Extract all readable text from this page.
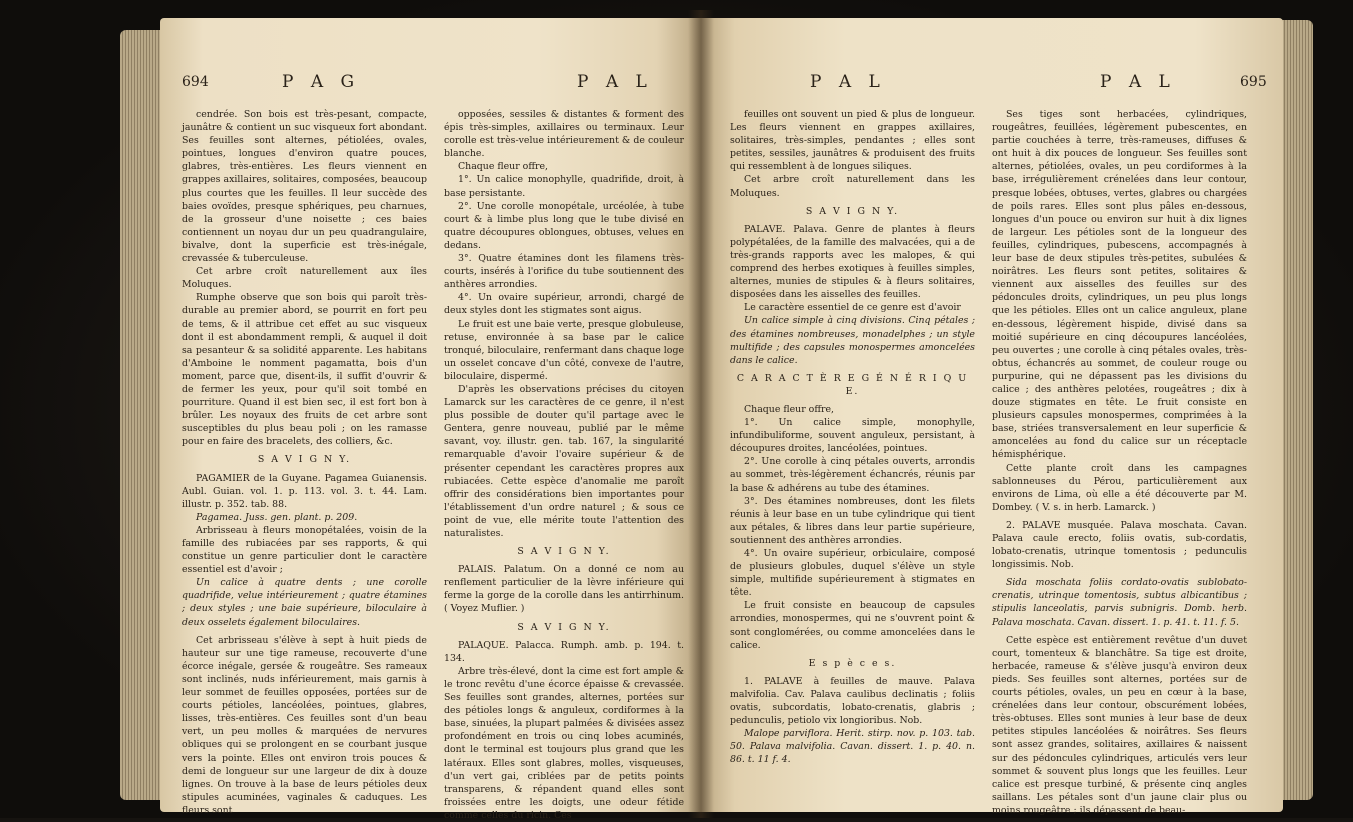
694	P A G	P A L

cendrée. Son bois est très-pesant, compacte, jaunâtre & contient un suc visqueux fort abondant. Ses feuilles sont alternes, pétiolées, ovales, pointues, longues d'environ quatre pouces, glabres, très-entières. Les fleurs viennent en grappes axillaires, solitaires, composées, beaucoup plus courtes que les feuilles. Il leur succède des baies ovoïdes, presque sphériques, peu charnues, de la grosseur d'une noisette ; ces baies contiennent un noyau dur un peu quadrangulaire, bivalve, dont la superficie est très-inégale, crevassée & tuberculeuse.

Cet arbre croît naturellement aux îles Moluques.

Rumphe observe que son bois qui paroît très-durable au premier abord, se pourrit en fort peu de tems, & il attribue cet effet au suc visqueux dont il est abondamment rempli, & auquel il doit sa pesanteur & sa solidité apparente. Les habitans d'Amboine le nomment pagamatta, bois d'un moment, parce que, disent-ils, il suffit d'ouvrir & de fermer les yeux, pour qu'il soit tombé en pourriture. Quand il est bien sec, il est fort bon à brûler. Les noyaux des fruits de cet arbre sont susceptibles du plus beau poli ; on les ramasse pour en faire des bracelets, des colliers, &c.

S A V I G N Y.

PAGAMIER de la Guyane. Pagamea Guianensis. Aubl. Guian. vol. 1. p. 113. vol. 3. t. 44. Lam. illustr. p. 352. tab. 88.

Pagamea. Juss. gen. plant. p. 209.

Arbrisseau à fleurs monopétalées, voisin de la famille des rubiacées par ses rapports, & qui constitue un genre particulier dont le caractère essentiel est d'avoir ;

Un calice à quatre dents ; une corolle quadrifide, velue intérieurement ; quatre étamines ; deux styles ; une baie supérieure, biloculaire à deux osselets également biloculaires.

Cet arbrisseau s'élève à sept à huit pieds de hauteur sur une tige rameuse, recouverte d'une écorce inégale, gersée & rougeâtre. Ses rameaux sont inclinés, nuds inférieurement, mais garnis à leur sommet de feuilles opposées, portées sur de courts pétioles, lancéolées, pointues, glabres, lisses, très-entières. Ces feuilles sont d'un beau vert, un peu molles & marquées de nervures obliques qui se prolongent en se courbant jusque vers la pointe. Elles ont environ trois pouces & demi de longueur sur une largeur de dix à douze lignes. On trouve à la base de leurs pétioles deux stipules acuminées, vaginales & caduques. Les fleurs sont

opposées, sessiles & distantes & forment des épis très-simples, axillaires ou terminaux. Leur corolle est très-velue intérieurement & de couleur blanche.

Chaque fleur offre,

1°. Un calice monophylle, quadrifide, droit, à base persistante.

2°. Une corolle monopétale, urcéolée, à tube court & à limbe plus long que le tube divisé en quatre découpures oblongues, obtuses, velues en dedans.

3°. Quatre étamines dont les filamens très-courts, insérés à l'orifice du tube soutiennent des anthères arrondies.

4°. Un ovaire supérieur, arrondi, chargé de deux styles dont les stigmates sont aigus.

Le fruit est une baie verte, presque globuleuse, retuse, environnée à sa base par le calice tronqué, biloculaire, renfermant dans chaque loge un osselet concave d'un côté, convexe de l'autre, biloculaire, dispermé.

D'après les observations précises du citoyen Lamarck sur les caractères de ce genre, il n'est plus possible de douter qu'il partage avec le Gentera, genre nouveau, publié par le même savant, voy. illustr. gen. tab. 167, la singularité remarquable d'avoir l'ovaire supérieur & de présenter cependant les caractères propres aux rubiacées. Cette espèce d'anomalie me paroît offrir des considérations bien importantes pour l'établissement d'un ordre naturel ; & sous ce point de vue, elle mérite toute l'attention des naturalistes.

S A V I G N Y.

PALAIS. Palatum. On a donné ce nom au renflement particulier de la lèvre inférieure qui ferme la gorge de la corolle dans les antirrhinum. ( Voyez Muflier. )

S A V I G N Y.

PALAQUE. Palacca. Rumph. amb. p. 194. t. 134.

Arbre très-élevé, dont la cime est fort ample & le tronc revêtu d'une écorce épaisse & crevassée. Ses feuilles sont grandes, alternes, portées sur des pétioles longs & anguleux, cordiformes à la base, sinuées, la plupart palmées & divisées assez profondément en trois ou cinq lobes acuminés, dont le terminal est toujours plus grand que les latéraux. Elles sont glabres, molles, visqueuses, d'un vert gai, criblées par de petits points transparens, & répandent quand elles sont froissées entre les doigts, une odeur fétide comme celles du ricin. Ces

P A L	P A L	695

feuilles ont souvent un pied & plus de longueur. Les fleurs viennent en grappes axillaires, solitaires, très-simples, pendantes ; elles sont petites, sessiles, jaunâtres & produisent des fruits qui ressemblent à de longues siliques.

Cet arbre croît naturellement dans les Moluques.

S A V I G N Y.

PALAVE. Palava. Genre de plantes à fleurs polypétalées, de la famille des malvacées, qui a de très-grands rapports avec les malopes, & qui comprend des herbes exotiques à feuilles simples, alternes, munies de stipules & à fleurs solitaires, disposées dans les aisselles des feuilles.

Le caractère essentiel de ce genre est d'avoir

Un calice simple à cinq divisions. Cinq pétales ; des étamines nombreuses, monadelphes ; un style multifide ; des capsules monospermes amoncelées dans le calice.

C A R A C T È R E G É N É R I Q U E.

Chaque fleur offre,

1°. Un calice simple, monophylle, infundibuliforme, souvent anguleux, persistant, à découpures droites, lancéolées, pointues.

2°. Une corolle à cinq pétales ouverts, arrondis au sommet, très-légèrement échancrés, réunis par la base & adhérens au tube des étamines.

3°. Des étamines nombreuses, dont les filets réunis à leur base en un tube cylindrique qui tient aux pétales, & libres dans leur partie supérieure, soutiennent des anthères arrondies.

4°. Un ovaire supérieur, orbiculaire, composé de plusieurs globules, duquel s'élève un style simple, multifide supérieurement à stigmates en tête.

Le fruit consiste en beaucoup de capsules arrondies, monospermes, qui ne s'ouvrent point & sont conglomérées, ou comme amoncelées dans le calice.

E s p è c e s.

1. PALAVE à feuilles de mauve. Palava malvifolia. Cav. Palava caulibus declinatis ; foliis ovatis, subcordatis, lobato-crenatis, glabris ; pedunculis, petiolo vix longioribus. Nob.

Malope parviflora. Herit. stirp. nov. p. 103. tab. 50. Palava malvifolia. Cavan. dissert. 1. p. 40. n. 86. t. 11 f. 4.

Ses tiges sont herbacées, cylindriques, rougeâtres, feuillées, légèrement pubescentes, en partie couchées à terre, très-rameuses, diffuses & ont huit à dix pouces de longueur. Ses feuilles sont alternes, pétiolées, ovales, un peu cordiformes à la base, irrégulièrement crénelées dans leur contour, presque lobées, obtuses, vertes, glabres ou chargées de poils rares. Elles sont plus pâles en-dessous, longues d'un pouce ou environ sur huit à dix lignes de largeur. Les pétioles sont de la longueur des feuilles, cylindriques, pubescens, accompagnés à leur base de deux stipules très-petites, subulées & noirâtres. Les fleurs sont petites, solitaires & viennent aux aisselles des feuilles sur des pédoncules droits, cylindriques, un peu plus longs que les pétioles. Elles ont un calice anguleux, plane en-dessous, légèrement hispide, divisé dans sa moitié supérieure en cinq découpures lancéolées, peu ouvertes ; une corolle à cinq pétales ovales, très-obtus, échancrés au sommet, de couleur rouge ou purpurine, qui ne dépassent pas les divisions du calice ; des anthères pelotées, rougeâtres ; dix à douze stigmates en tête. Le fruit consiste en plusieurs capsules monospermes, comprimées à la base, striées transversalement en leur superficie & amoncelées au fond du calice sur un réceptacle hémisphérique.

Cette plante croît dans les campagnes sablonneuses du Pérou, particulièrement aux environs de Lima, où elle a été découverte par M. Dombey. ( V. s. in herb. Lamarck. )

2. PALAVE musquée. Palava moschata. Cavan. Palava caule erecto, foliis ovatis, sub-cordatis, lobato-crenatis, utrinque tomentosis ; pedunculis longissimis. Nob.

Sida moschata foliis cordato-ovatis sublobato-crenatis, utrinque tomentosis, subtus albicantibus ; stipulis lanceolatis, parvis subnigris. Domb. herb. Palava moschata. Cavan. dissert. 1. p. 41. t. 11. f. 5.

Cette espèce est entièrement revêtue d'un duvet court, tomenteux & blanchâtre. Sa tige est droite, herbacée, rameuse & s'élève jusqu'à environ deux pieds. Ses feuilles sont alternes, portées sur de courts pétioles, ovales, un peu en cœur à la base, crénelées dans leur contour, obscurément lobées, très-obtuses. Elles sont munies à leur base de deux petites stipules lancéolées & noirâtres. Ses fleurs sont assez grandes, solitaires, axillaires & naissent sur des pédoncules cylindriques, articulés vers leur sommet & souvent plus longs que les feuilles. Leur calice est presque turbiné, & présente cinq angles saillans. Les pétales sont d'un jaune clair plus ou moins rougeâtre ; ils dépassent de beau-
